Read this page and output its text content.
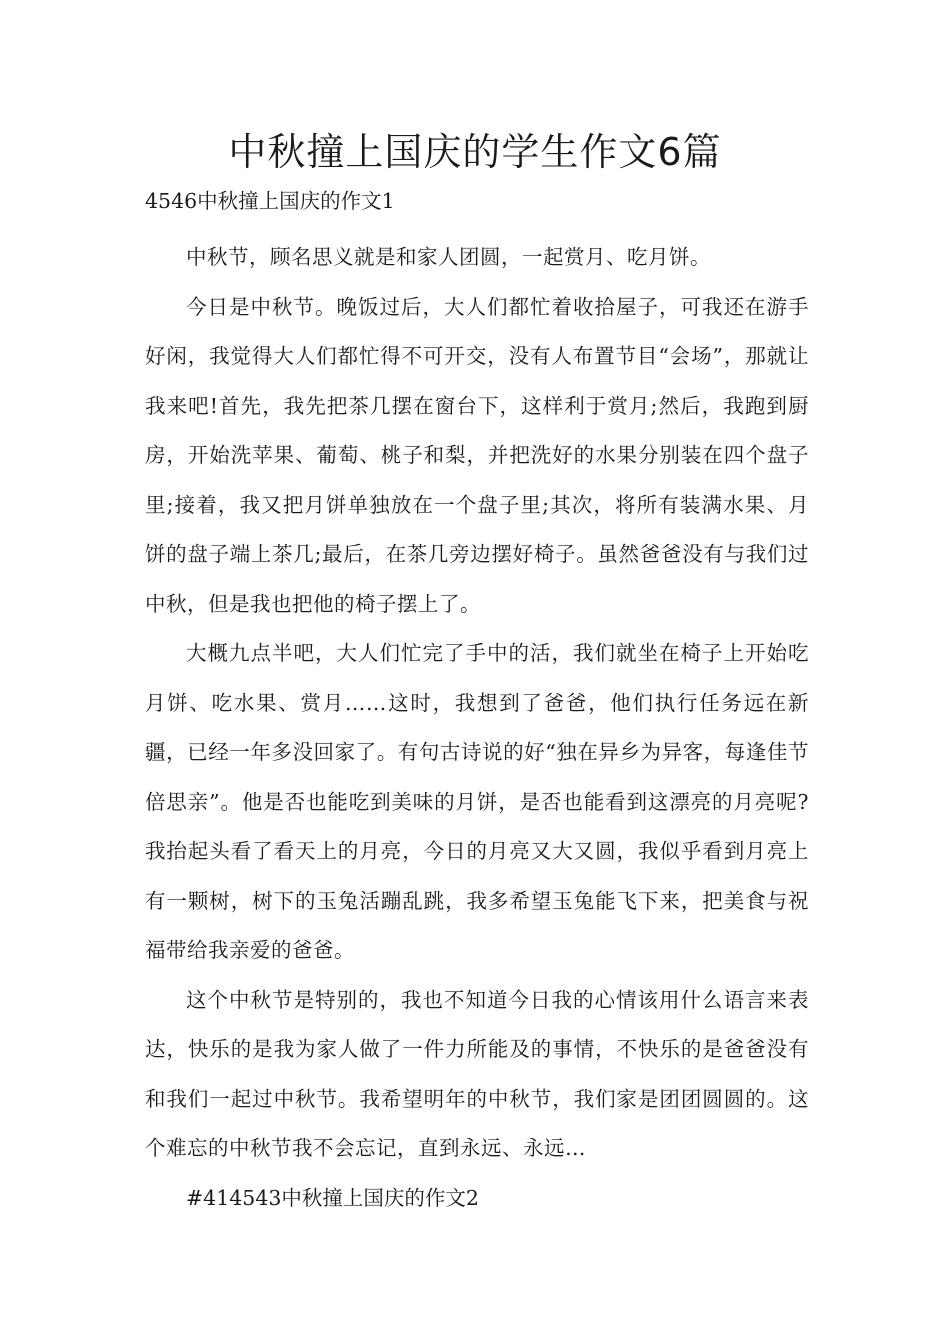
中秋撞上国庆的学生作文6篇

4546中秋撞上国庆的作文1

中秋节，顾名思义就是和家人团圆，一起赏月、吃月饼。

今日是中秋节。晚饭过后，大人们都忙着收拾屋子，可我还在游手好闲，我觉得大人们都忙得不可开交，没有人布置节目“会场”，那就让我来吧!首先，我先把茶几摆在窗台下，这样利于赏月;然后，我跑到厨房，开始洗苹果、葡萄、桃子和梨，并把洗好的水果分别装在四个盘子里;接着，我又把月饼单独放在一个盘子里;其次，将所有装满水果、月饼的盘子端上茶几;最后，在茶几旁边摆好椅子。虽然爸爸没有与我们过中秋，但是我也把他的椅子摆上了。

大概九点半吧，大人们忙完了手中的活，我们就坐在椅子上开始吃月饼、吃水果、赏月……这时，我想到了爸爸，他们执行任务远在新疆，已经一年多没回家了。有句古诗说的好“独在异乡为异客，每逢佳节倍思亲”。他是否也能吃到美味的月饼，是否也能看到这漂亮的月亮呢?我抬起头看了看天上的月亮，今日的月亮又大又圆，我似乎看到月亮上有一颗树，树下的玉兔活蹦乱跳，我多希望玉兔能飞下来，把美食与祝福带给我亲爱的爸爸。

这个中秋节是特别的，我也不知道今日我的心情该用什么语言来表达，快乐的是我为家人做了一件力所能及的事情，不快乐的是爸爸没有和我们一起过中秋节。我希望明年的中秋节，我们家是团团圆圆的。这个难忘的中秋节我不会忘记，直到永远、永远…

#414543中秋撞上国庆的作文2
